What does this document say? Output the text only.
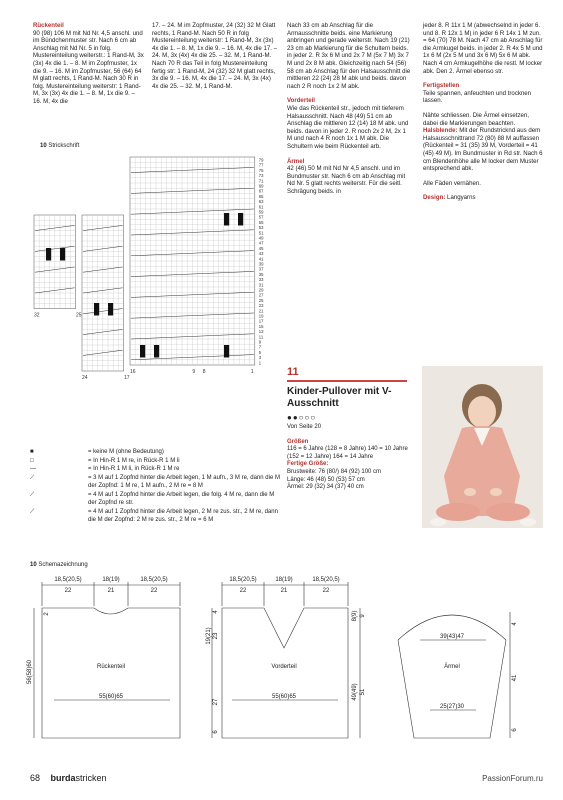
Rückenteil
90 (98) 106 M mit Nd Nr. 4,5 anschl. und im Bündchenmuster str. Nach 6 cm ab Anschlag mit Nd Nr. 5 in folg. Mustereinteilung weiterstr.: 1 Rand-M, 3x (3x) 4x die 1. – 8. M im Zopfmuster, 1x die 9. – 16. M im Zopfmuster, 56 (64) 64 M glatt rechts, 1 Rand-M. Nach 30 R in folg. Mustereinteilung weiterstr: 1 Rand-M, 3x (3x) 4x die 1. – 8. M, 1x die 9. – 16. M, 4x die
17. – 24. M im Zopfmuster, 24 (32) 32 M Glatt rechts, 1 Rand-M. Nach 50 R in folg Mustereinteilung weiterstr: 1 Rand-M, 3x (3x) 4x die 1. – 8. M, 1x die 9. – 16. M, 4x die 17. – 24. M, 3x (4x) 4x die 25. – 32. M, 1 Rand-M. Nach 70 R das Teil in folg Mustereinteilung fertig str: 1 Rand-M, 24 (32) 32 M glatt rechts, 3x die 9. – 16. M, 4x die 17. – 24. M, 3x (4x) 4x die 25. – 32. M, 1 Rand-M.

Nach 33 cm ab Anschlag für die Armausschnitte beids. eine Markierung anbringen und gerade weiterstr. Nach 19 (21) 23 cm ab Markierung für die Schultern beids. in jeder 2. R 3x 6 M und 2x 7 M (5x 7 M) 3x 7 M und 2x 8 M abk. Gleichzeitig nach 54 (56) 58 cm ab Anschlag für den Halsausschnitt die mittleren 22 (24) 28 M abk und beids. davon nach 2 R noch 1x 2 M abk.

Vorderteil

Wie das Rückenteil str., jedoch mit tieferem Halsausschnitt. Nach 48 (49) 51 cm ab Anschlag die mittleren 12 (14) 18 M abk. und beids. davon in jeder 2. R noch 2x 2 M, 2x 1 M und nach 4 R noch 1x 1 M abk. Die Schultern wie beim Rückenteil arb.

Ärmel

42 (46) 50 M mit Nd Nr 4,5 anschl. und im Bundmuster str. Nach 6 cm ab Anschlag mit Nd Nr. 5 glatt rechts weiterstr. Für die seitl. Schrägung beids. in

jeder 8. R 11x 1 M (abwechselnd in jeder 6. und 8. R 12x 1 M) in jeder 6 R 14x 1 M zun. = 64 (70) 78 M. Nach 47 cm ab Anschlag für die Armkugel beids. in jeder 2. R 4x 5 M und 1x 6 M (2x 5 M und 3x 6 M) 5x 6 M abk. Nach 4 cm Armkugelhöhe die restl. M locker abk. Den 2. Ärmel ebenso str.

Fertigstellen

Teile spannen, anfeuchten und trocknen lassen.

Nähte schliessen. Die Ärmel einsetzen, dabei die Markierungen beachten.

Halsblende: Mit der Rundstricknd aus dem Halsausschnittrand 72 (80) 88 M auffassen (Rückenteil = 31 (35) 39 M, Vorderteil = 41 (45) 49 M). Im Bundmuster in Rd str. Nach 6 cm Blendenhöhe alle M locker dem Muster entsprechend abk.

Alle Fäden vernähen.

Design: Langyarns

10 Strickschrift
79
77
75
73
71
69
67
65
63
61
59
57
55
53
51
49
47
45
43
41
39
37
35
33
31
29
27
25
23
21
19
17
15
13
11
9
7
5
3
1
16	9 8	1
32	25
24	17
■	= keine M (ohne Bedeutung)
□	= In Hin-R 1 M re, in Rück-R 1 M li
—	= In Hin-R 1 M li, in Rück-R 1 M re
⟋	= 3 M auf 1 Zopfnd hinter die Arbeit legen, 1 M aufn., 3 M re, dann die M der Zopfnd: 1 M re, 1 M aufn., 2 M re = 8 M
⟋	= 4 M auf 1 Zopfnd hinter die Arbeit legen, die folg. 4 M re, dann die M der Zopfnd re str.
⟋	= 4 M auf 1 Zopfnd hinter die Arbeit legen, 2 M re zus. str., 2 M re, dann die M der Zopfnd: 2 M re zus. str., 2 M re = 6 M
11
Kinder-Pullover mit V-Ausschnitt
●●○○○
Von Seite 20
Größen
116 = 6 Jahre (128 = 8 Jahre) 140 = 10 Jahre (152 = 12 Jahre) 164 = 14 Jahre
Fertige Größe:
Brustweite: 76 (80/) 84 (92) 100 cm
Länge: 46 (48) 50 (53) 57 cm
Ärmel: 29 (32) 34 (37) 40 cm
10 Schemazeichnung
18,5(20,5)	18(19)	18,5(20,5)
22	21	22
Rückenteil
55(60)65
56(58)60
2
18,5(20,5)	18(19)	18,5(20,5)
22	21	22
Vorderteil
55(60)65
19(21) 23
27
6
4	8(9) 9
49(49) 51
39(43)47
Ärmel
25(27)30
4
41
6
68 burdastricken	PassionForum.ru
